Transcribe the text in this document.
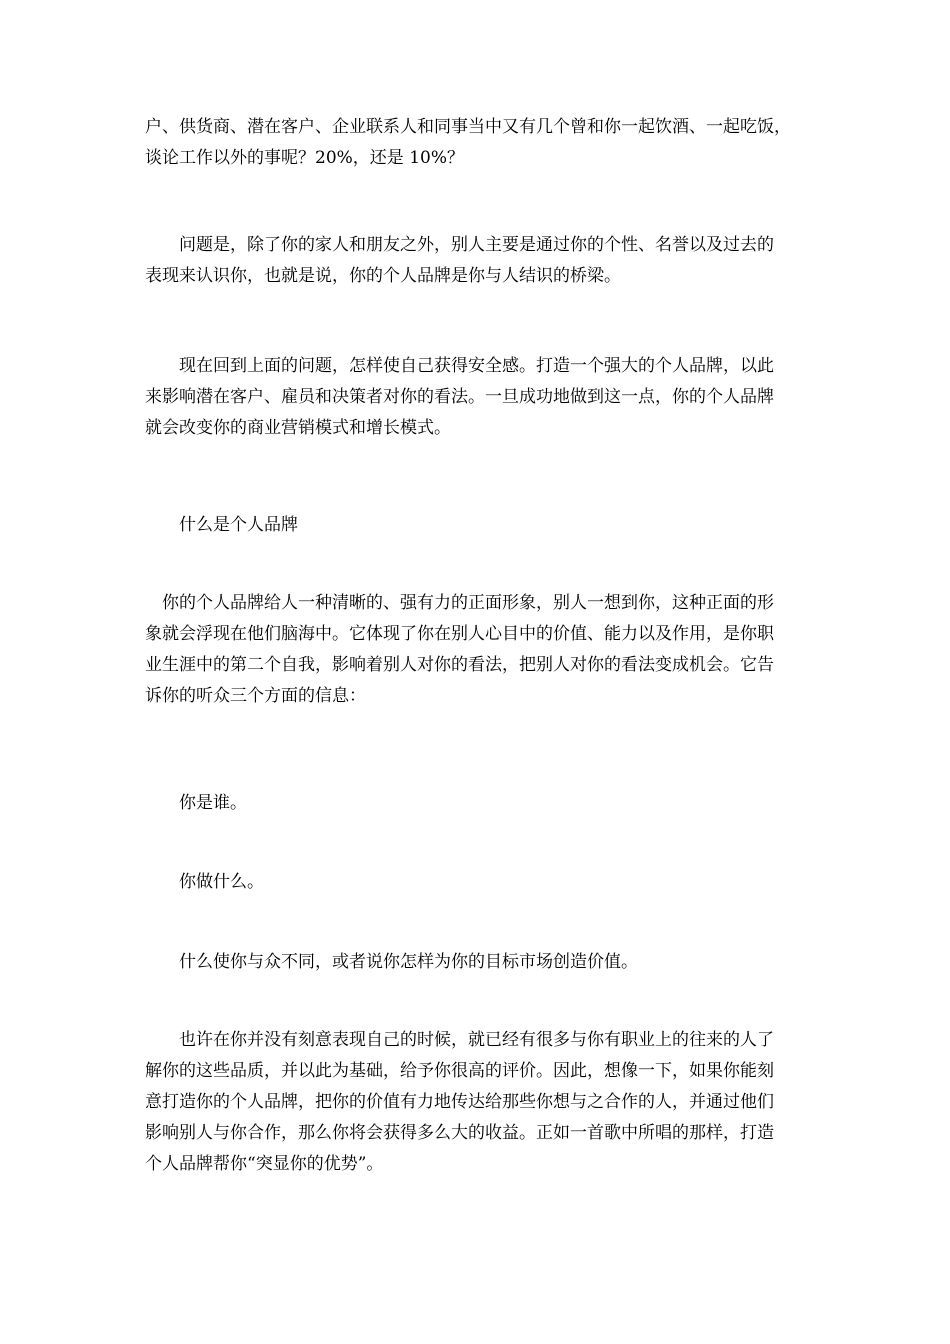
户、供货商、潜在客户、企业联系人和同事当中又有几个曾和你一起饮酒、一起吃饭，
谈论工作以外的事呢？20%，还是 10%？
问题是，除了你的家人和朋友之外，别人主要是通过你的个性、名誉以及过去的
表现来认识你，也就是说，你的个人品牌是你与人结识的桥梁。
现在回到上面的问题，怎样使自己获得安全感。打造一个强大的个人品牌，以此
来影响潜在客户、雇员和决策者对你的看法。一旦成功地做到这一点，你的个人品牌
就会改变你的商业营销模式和增长模式。
什么是个人品牌
你的个人品牌给人一种清晰的、强有力的正面形象，别人一想到你，这种正面的形
象就会浮现在他们脑海中。它体现了你在别人心目中的价值、能力以及作用，是你职
业生涯中的第二个自我，影响着别人对你的看法，把别人对你的看法变成机会。它告
诉你的听众三个方面的信息：
你是谁。
你做什么。
什么使你与众不同，或者说你怎样为你的目标市场创造价值。
也许在你并没有刻意表现自己的时候，就已经有很多与你有职业上的往来的人了
解你的这些品质，并以此为基础，给予你很高的评价。因此，想像一下，如果你能刻
意打造你的个人品牌，把你的价值有力地传达给那些你想与之合作的人，并通过他们
影响别人与你合作，那么你将会获得多么大的收益。正如一首歌中所唱的那样，打造
个人品牌帮你“突显你的优势”。
